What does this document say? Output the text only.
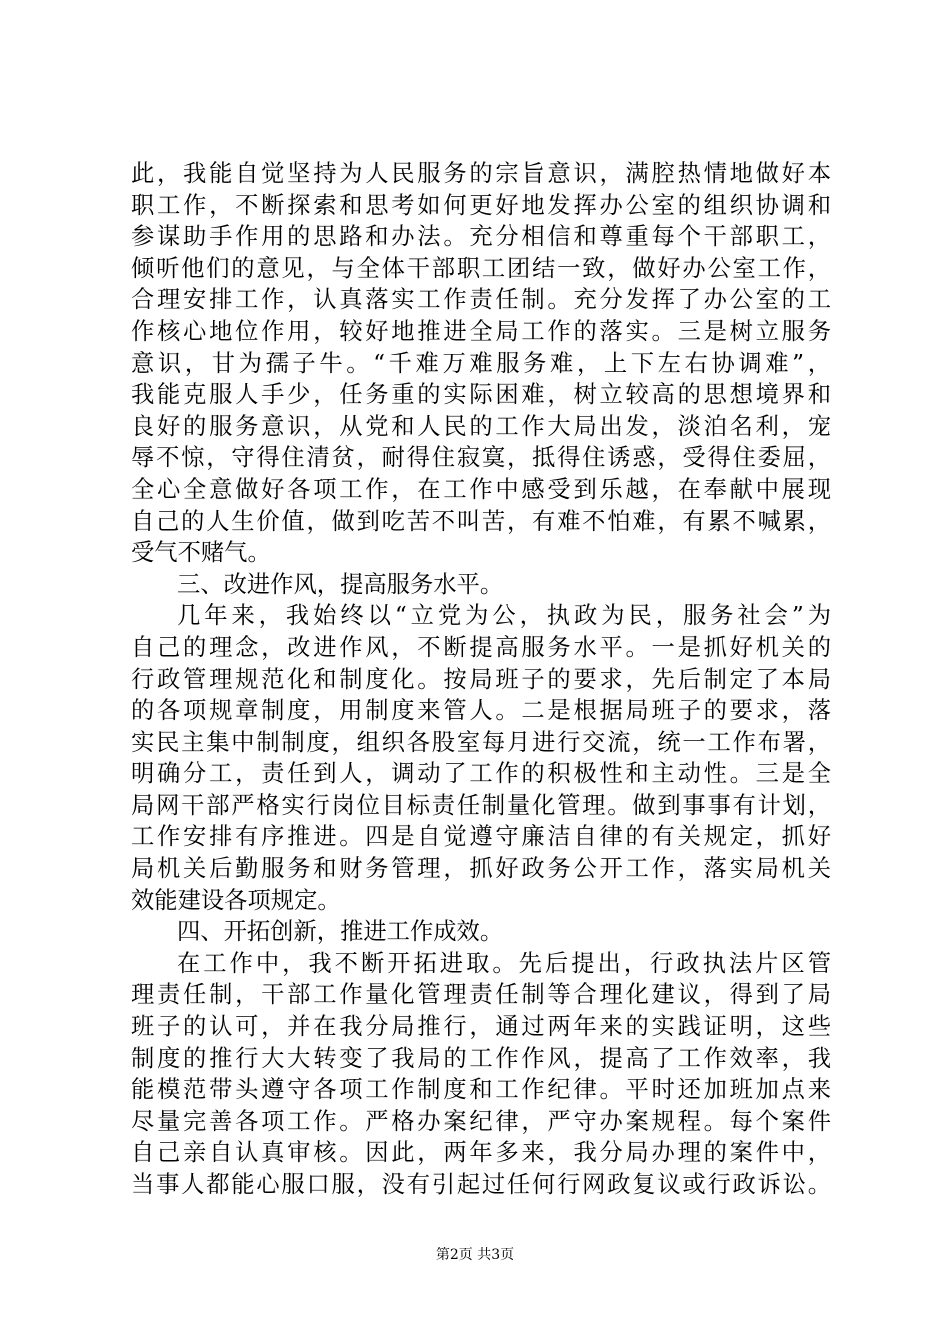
此，我能自觉坚持为人民服务的宗旨意识，满腔热情地做好本
职工作，不断探索和思考如何更好地发挥办公室的组织协调和
参谋助手作用的思路和办法。充分相信和尊重每个干部职工，
倾听他们的意见，与全体干部职工团结一致，做好办公室工作，
合理安排工作，认真落实工作责任制。充分发挥了办公室的工
作核心地位作用，较好地推进全局工作的落实。三是树立服务
意识，甘为孺子牛。“千难万难服务难，上下左右协调难”，
我能克服人手少，任务重的实际困难，树立较高的思想境界和
良好的服务意识，从党和人民的工作大局出发，淡泊名利，宠
辱不惊，守得住清贫，耐得住寂寞，抵得住诱惑，受得住委屈，
全心全意做好各项工作，在工作中感受到乐越，在奉献中展现
自己的人生价值，做到吃苦不叫苦，有难不怕难，有累不喊累，
受气不赌气。
三、改进作风，提高服务水平。
几年来，我始终以“立党为公，执政为民，服务社会”为
自己的理念，改进作风，不断提高服务水平。一是抓好机关的
行政管理规范化和制度化。按局班子的要求，先后制定了本局
的各项规章制度，用制度来管人。二是根据局班子的要求，落
实民主集中制制度，组织各股室每月进行交流，统一工作布署，
明确分工，责任到人，调动了工作的积极性和主动性。三是全
局网干部严格实行岗位目标责任制量化管理。做到事事有计划，
工作安排有序推进。四是自觉遵守廉洁自律的有关规定，抓好
局机关后勤服务和财务管理，抓好政务公开工作，落实局机关
效能建设各项规定。
四、开拓创新，推进工作成效。
在工作中，我不断开拓进取。先后提出，行政执法片区管
理责任制，干部工作量化管理责任制等合理化建议，得到了局
班子的认可，并在我分局推行，通过两年来的实践证明，这些
制度的推行大大转变了我局的工作作风，提高了工作效率，我
能模范带头遵守各项工作制度和工作纪律。平时还加班加点来
尽量完善各项工作。严格办案纪律，严守办案规程。每个案件
自己亲自认真审核。因此，两年多来，我分局办理的案件中，
当事人都能心服口服，没有引起过任何行网政复议或行政诉讼。
第2页 共3页
